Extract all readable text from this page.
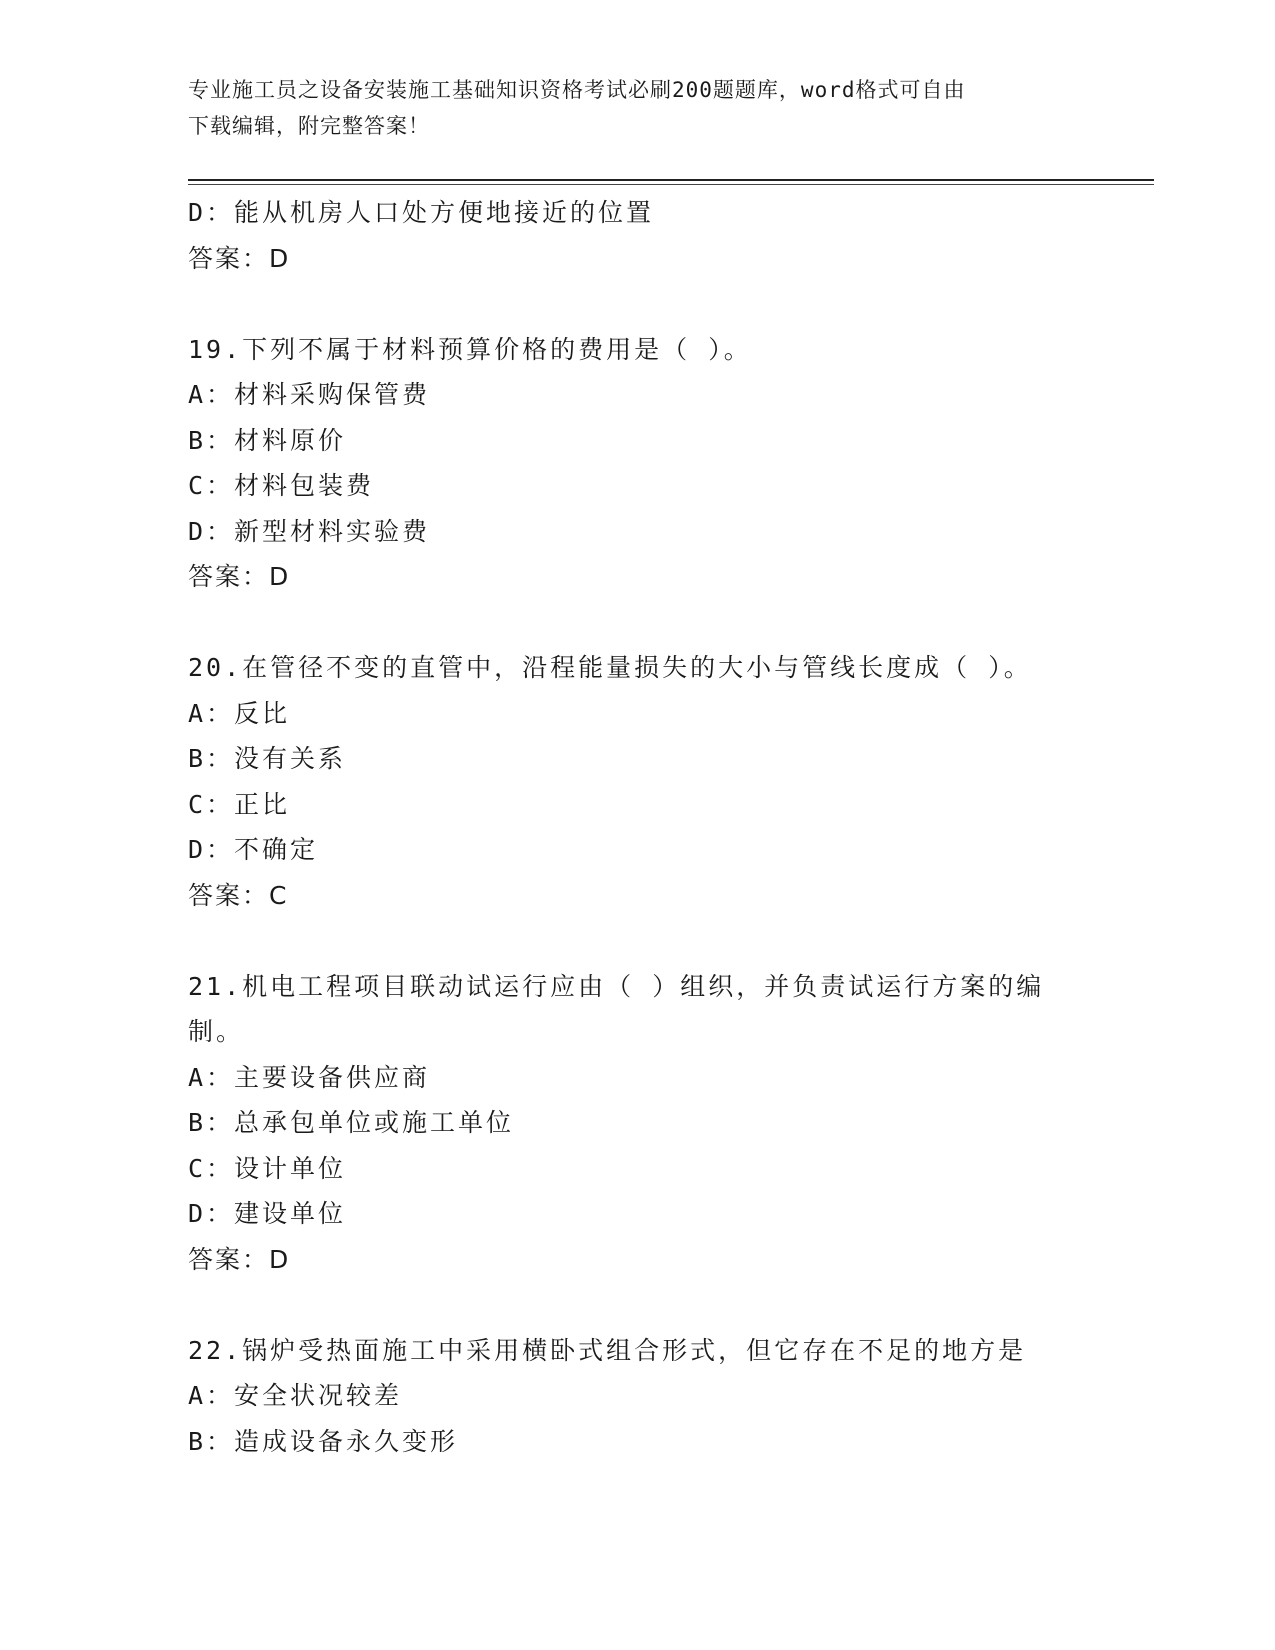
专业施工员之设备安装施工基础知识资格考试必刷200题题库，word格式可自由
下载编辑，附完整答案！
D：能从机房人口处方便地接近的位置
答案：D
19.下列不属于材料预算价格的费用是（ ）。
A：材料采购保管费
B：材料原价
C：材料包装费
D：新型材料实验费
答案：D
20.在管径不变的直管中，沿程能量损失的大小与管线长度成（ ）。
A：反比
B：没有关系
C：正比
D：不确定
答案：C
21.机电工程项目联动试运行应由（ ）组织，并负责试运行方案的编
制。
A：主要设备供应商
B：总承包单位或施工单位
C：设计单位
D：建设单位
答案：D
22.锅炉受热面施工中采用横卧式组合形式，但它存在不足的地方是
A：安全状况较差
B：造成设备永久变形
